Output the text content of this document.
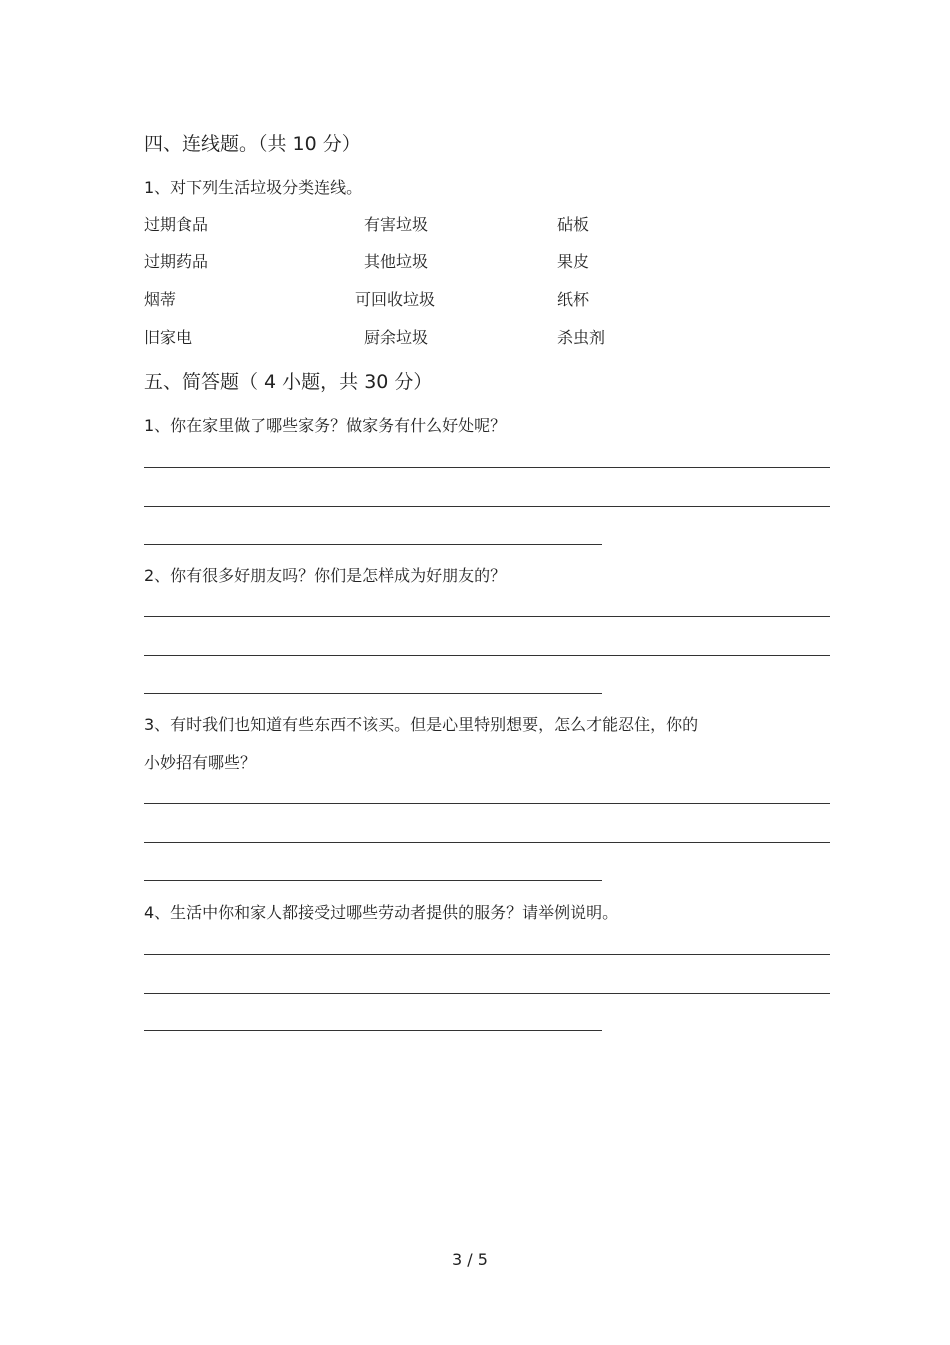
四、连线题。（共 10 分）
1、对下列生活垃圾分类连线。
过期食品
过期药品
烟蒂
旧家电
有害垃圾
其他垃圾
可回收垃圾
厨余垃圾
砧板
果皮
纸杯
杀虫剂
五、简答题（ 4 小题，共 30 分）
1、你在家里做了哪些家务？做家务有什么好处呢？
2、你有很多好朋友吗？你们是怎样成为好朋友的？
3、有时我们也知道有些东西不该买。但是心里特别想要，怎么才能忍住，你的
小妙招有哪些？
4、生活中你和家人都接受过哪些劳动者提供的服务？请举例说明。
3 / 5
